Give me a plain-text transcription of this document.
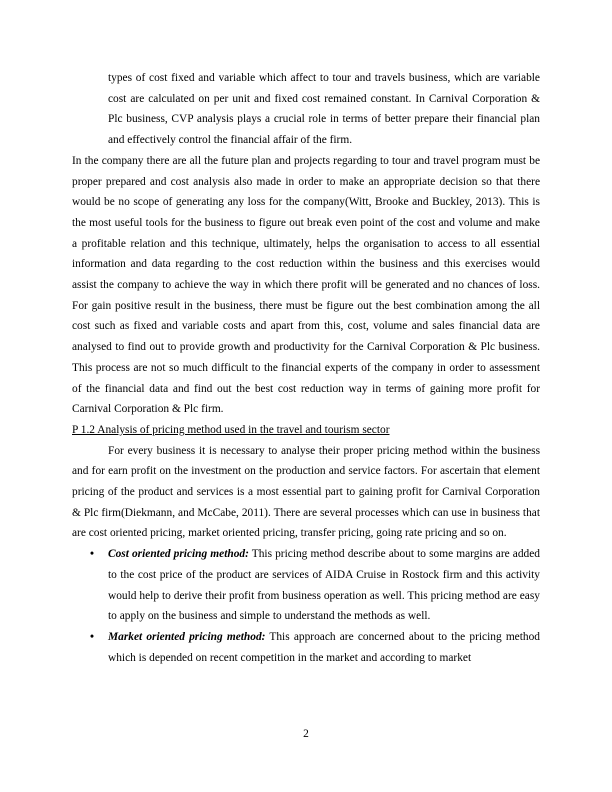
types of cost fixed and variable which affect to tour and travels business, which are variable cost are calculated on per unit and fixed cost remained constant. In Carnival Corporation & Plc business, CVP analysis plays a crucial role in terms of better prepare their financial plan and effectively control the financial affair of the firm.

In the company there are all the future plan and projects regarding to tour and travel program must be proper prepared and cost analysis also made in order to make an appropriate decision so that there would be no scope of generating any loss for the company(Witt, Brooke and Buckley, 2013). This is the most useful tools for the business to figure out break even point of the cost and volume and make a profitable relation and this technique, ultimately, helps the organisation to access to all essential information and data regarding to the cost reduction within the business and this exercises would assist the company to achieve the way in which there profit will be generated and no chances of loss. For gain positive result in the business, there must be figure out the best combination among the all cost such as fixed and variable costs and apart from this, cost, volume and sales financial data are analysed to find out to provide growth and productivity for the Carnival Corporation & Plc business. This process are not so much difficult to the financial experts of the company in order to assessment of the financial data and find out the best cost reduction way in terms of gaining more profit for Carnival Corporation & Plc firm.

P 1.2 Analysis of pricing method used in the travel and tourism sector

For every business it is necessary to analyse their proper pricing method within the business and for earn profit on the investment on the production and service factors. For ascertain that element pricing of the product and services is a most essential part to gaining profit for Carnival Corporation & Plc firm(Diekmann, and McCabe, 2011). There are several processes which can use in business that are cost oriented pricing, market oriented pricing, transfer pricing, going rate pricing and so on.

• Cost oriented pricing method: This pricing method describe about to some margins are added to the cost price of the product are services of AIDA Cruise in Rostock firm and this activity would help to derive their profit from business operation as well. This pricing method are easy to apply on the business and simple to understand the methods as well.
• Market oriented pricing method: This approach are concerned about to the pricing method which is depended on recent competition in the market and according to market
2
